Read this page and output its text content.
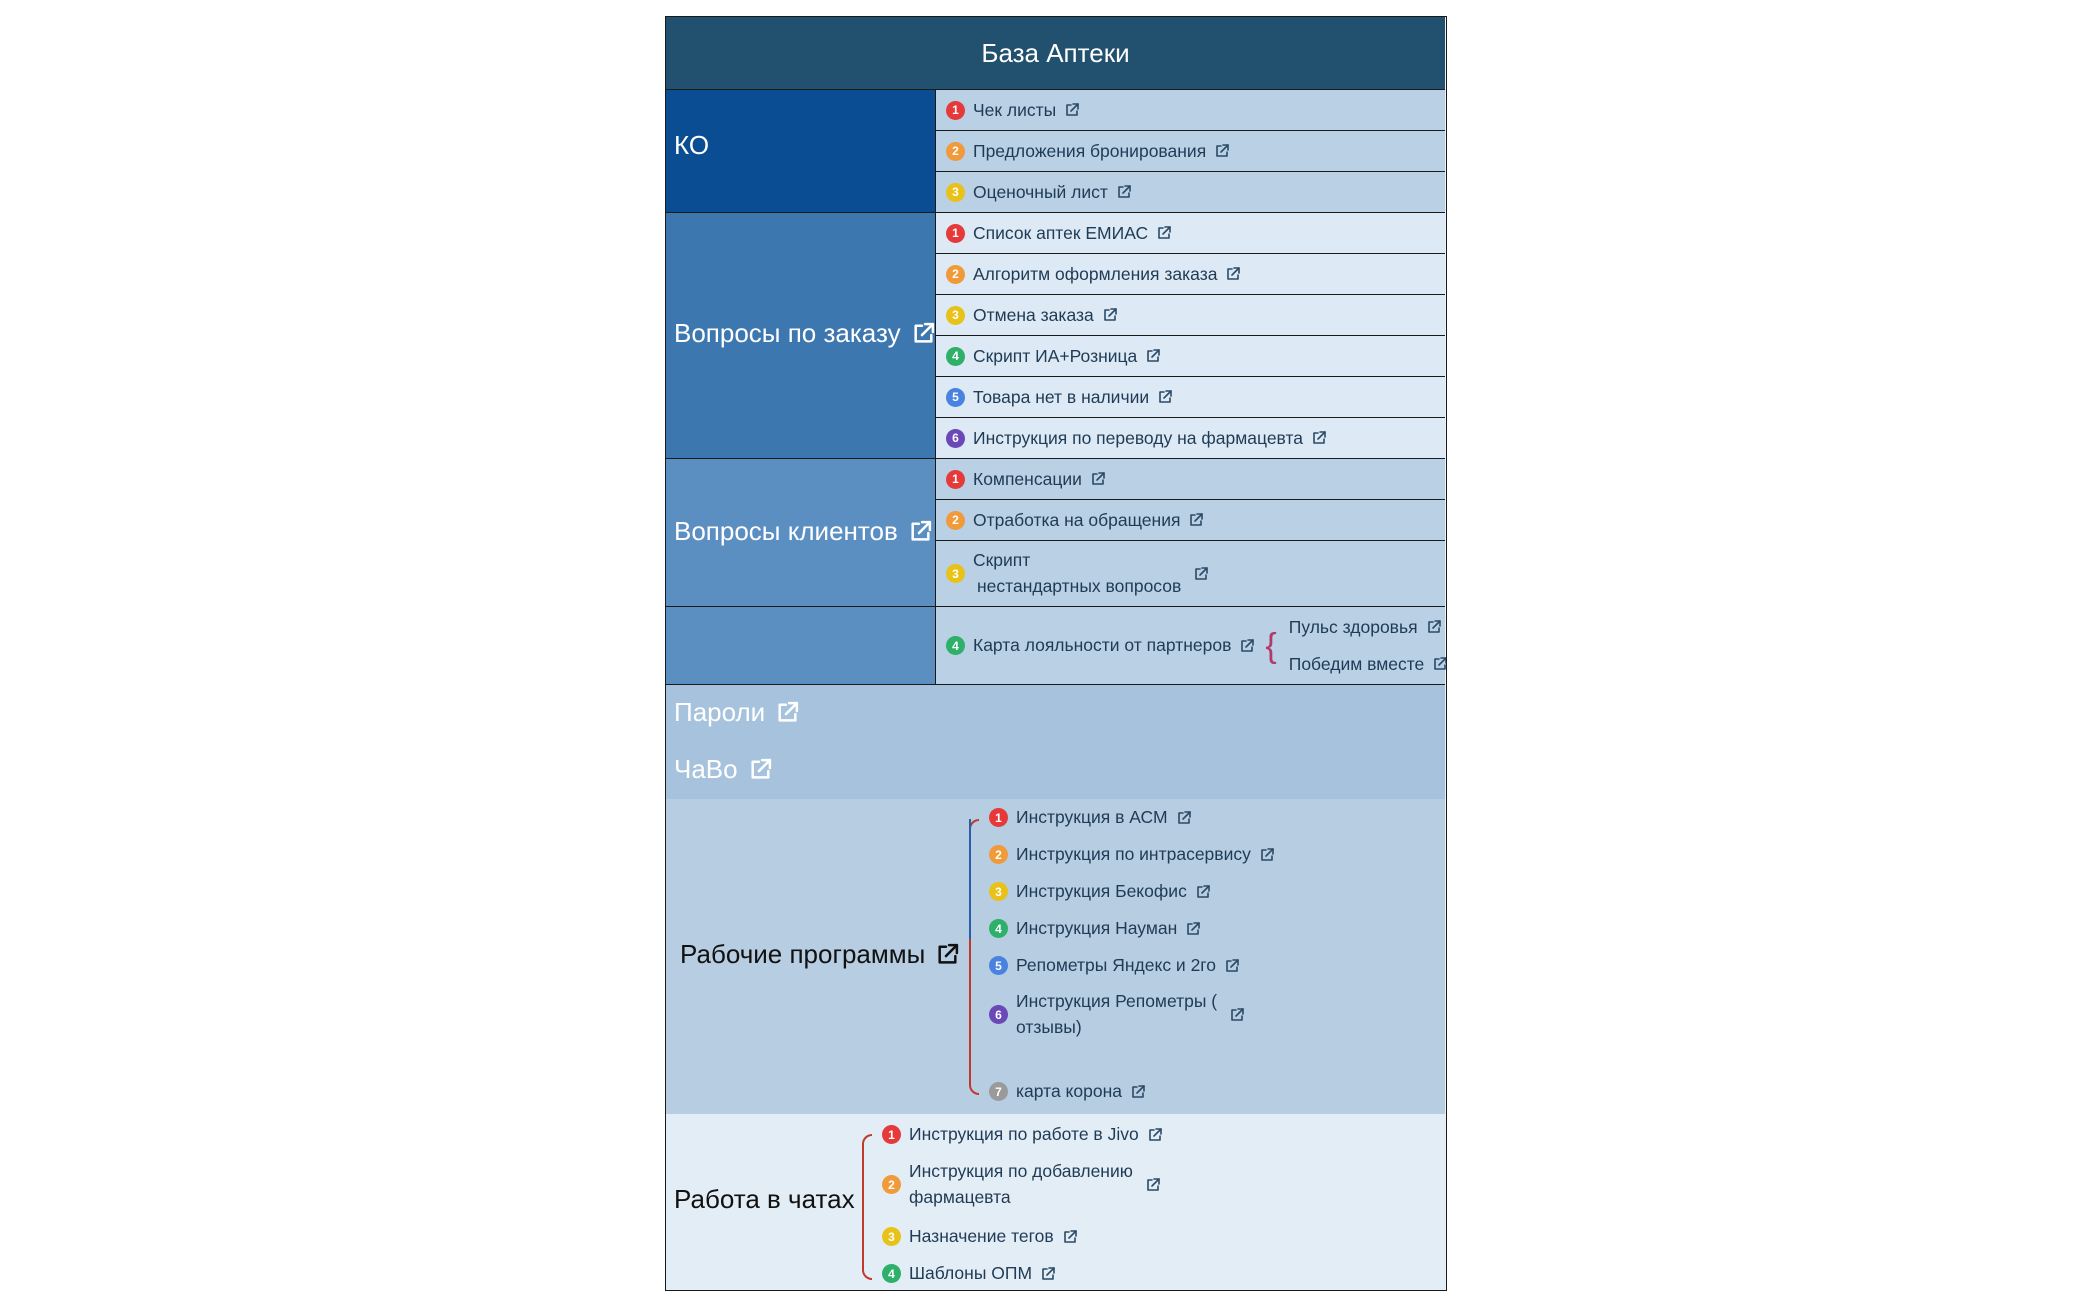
База Аптеки
КО
1 Чек листы
2 Предложения бронирования
3 Оценочный лист
Вопросы по заказу
1 Список аптек ЕМИАС
2 Алгоритм оформления заказа
3 Отмена заказа
4 Скрипт ИА+Розница
5 Товара нет в наличии
6 Инструкция по переводу на фармацевта
Вопросы клиентов
1 Компенсации
2 Отработка на обращения
3
Скрипт
нестандартных вопросов
4 Карта лояльности от партнеров { Пульс здоровья
Победим вместе
Пароли
ЧаВо
Рабочие программы
1 Инструкция в АСМ
2 Инструкция по интрасервису
3 Инструкция Бекофис
4 Инструкция Науман
5 Репометры Яндекс и 2го
6
Инструкция Репометры (
отзывы)
7 карта корона
Работа в чатах
1 Инструкция по работе в Jivo
2
Инструкция по добавлению
фармацевта
3 Назначение тегов
4 Шаблоны ОПМ
